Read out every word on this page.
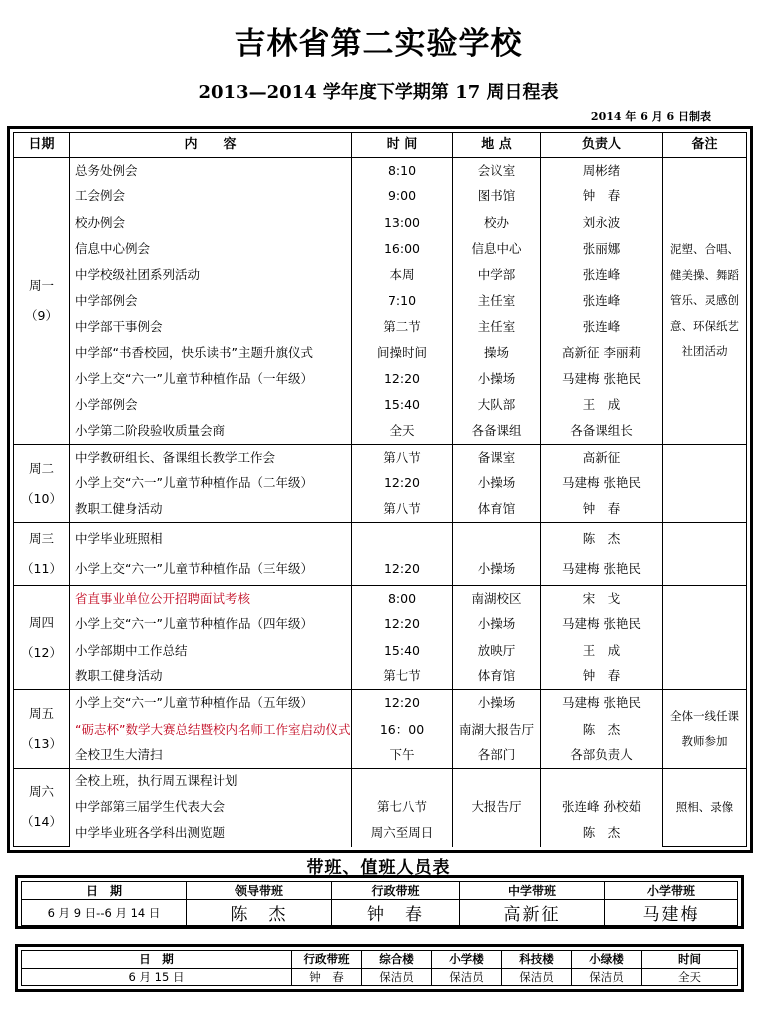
吉林省第二实验学校
2013—2014 学年度下学期第 17 周日程表
2014 年 6 月 6 日制表
日期	内　　容	时 间	地 点	负责人	备注

周一
（9）	总务处例会	8:10	会议室	周彬绪	泥塑、合唱、健美操、舞蹈管乐、灵感创意、环保纸艺社团活动
	工会例会	9:00	图书馆	钟　春	
	校办例会	13:00	校办	刘永波	
	信息中心例会	16:00	信息中心	张丽娜	
	中学校级社团系列活动	本周	中学部	张连峰	
	中学部例会	7:10	主任室	张连峰	
	中学部干事例会	第二节	主任室	张连峰	
	中学部“书香校园，快乐读书”主题升旗仪式	间操时间	操场	高新征 李丽莉	
	小学上交“六一”儿童节种植作品（一年级）	12:20	小操场	马建梅 张艳民	
	小学部例会	15:40	大队部	王　成	
	小学第二阶段验收质量会商	全天	各备课组	各备课组长	

周二
（10）	中学教研组长、备课组长教学工作会	第八节	备课室	高新征	
	小学上交“六一”儿童节种植作品（二年级）	12:20	小操场	马建梅 张艳民	
	教职工健身活动	第八节	体育馆	钟　春	

周三
（11）	中学毕业班照相			陈　杰	
	小学上交“六一”儿童节种植作品（三年级）	12:20	小操场	马建梅 张艳民	

周四
（12）	省直事业单位公开招聘面试考核	8:00	南湖校区	宋　戈	
	小学上交“六一”儿童节种植作品（四年级）	12:20	小操场	马建梅 张艳民	
	小学部期中工作总结	15:40	放映厅	王　成	
	教职工健身活动	第七节	体育馆	钟　春	

周五
（13）	小学上交“六一”儿童节种植作品（五年级）	12:20	小操场	马建梅 张艳民	全体一线任课教师参加
	“砺志杯”数学大赛总结暨校内名师工作室启动仪式	16：00	南湖大报告厅	陈　杰	
	全校卫生大清扫	下午	各部门	各部负责人	

周六
（14）	全校上班，执行周五课程计划				照相、录像
	中学部第三届学生代表大会	第七八节	大报告厅	张连峰 孙校茹	
	中学毕业班各学科出测览题	周六至周日		陈　杰	
带班、值班人员表
日　期	领导带班	行政带班	中学带班	小学带班
6 月 9 日--6 月 14 日	陈　杰	钟　春	高新征	马建梅
日　期	行政带班	综合楼	小学楼	科技楼	小绿楼	时间
6 月 15 日	钟　春	保洁员	保洁员	保洁员	保洁员	全天
